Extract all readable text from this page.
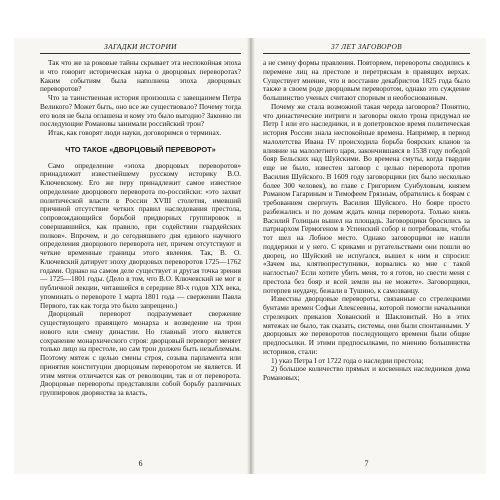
ЗАГАДКИ ИСТОРИИ

Так что же за роковые тайны скрывает эта неспокойная эпоха и что говорит историческая наука о дворцовых переворотах? Каким событиям была наполнена эпоха дворцовых переворотов?

Что за таинственная история произошла с завещанием Петра Великого? Может быть, оно все же существовало? Почему тогда его воля не была оглашена и кому это было выгодно? Законно ли последующие Романовы занимали российский трон?

Итак, как говорят люди науки, договоримся о терминах.

ЧТО ТАКОЕ «ДВОРЦОВЫЙ ПЕРЕВОРОТ»

Само определение «эпоха дворцовых переворотов» принадлежит известнейшему русскому историку В.О. Ключевскому. Его же перу принадлежит самое известное определение дворцового переворота по-российски: «это захват политической власти в России XVIII столетия, имевший причиной отсутствие четких правил наследования престола, сопровождающийся борьбой придворных группировок и совершавшийся, как правило, при содействии гвардейских полков». Впрочем, и до сегодняшнего дня единого научного определения дворцового переворота нет, причем отсутствуют и четкие временные границы этого явления. Так, В. О. Ключевский датирует эпоху дворцовых переворотов 1725—1762 годами. Однако на самом деле существует и другая точка зрения — 1725—1801 годы. (Дело в том, что В.О. Ключевский не мог в публичной лекции, читавшейся в середине 80-х годов XIX века, упоминать о перевороте 1 марта 1801 года — свержении Павла Первого, так как тогда это было запрещено.)

Дворцовый переворот подразумевает свержение существующего правящего монарха и возведение на трон нового или смену династии. Но главный этого является сохранение монархического строя: дворцовый переворот меняет только лицо на престоле, но сам трон должен быть незыблемым. Поэтому мятеж с целью смены строя, созыва парламента или принятия конституции дворцовым переворотом не является. И этим мятеж отличается как от революции, так и от переворота. Дворцовые перевороты представляли собой борьбу различных группировок дворянства за власть,

6
37 ЛЕТ ЗАГОВОРОВ

а не смену формы правления. Повторяем, перевороты сводились к перемене лиц на престоле и перетряскам в правящих верхах. Существует мнение, что и восстание декабристов 1825 года было также в своем роде дворцовым переворотом, однако это суждение большинство ученых считают спорным и необоснованным.

Почему же стала возможной такая череда заговоров? Понятно, что династические интриги и заговоры около трона придумал не Петр I или его наследники, и в допетровское время политическая история России знала неспокойные времена. Например, в период малолетства Ивана IV происходила борьба боярских кланов за влияние на малолетнего царя, закончившаяся в 1538 году победой бояр Бельских над Шуйскими. Во времена смуты, когда гвардии еще не было, известен заговор с целью переворота против Василия Шуйского. В 1609 году заговорщики (их было несколько более 300 человек), во главе с Григорием Сунбуловым, князем Романом Гагариным и Тимофеем Грязным, обратились к боярам с требованием свергнуть Василия Шуйского. Но бояре просто разбежались и по домам ждать конца переворота. Только князь Василий Голицын вышел на площадь. Заговорщики бросились за патриархом Гермогеном в Успенский собор и потребовали, чтобы тот шел на Лобное место. Однако заговорщики не нашли поддержки и у него. С криками и ругательствами они пошли во дворец, но Шуйский не испугался, вышел к ним и спросил: «Зачем вы, клятвопреступники, ворвались ко мне с такой наглостью? Если хотите убить меня, то я готов, но свести меня с престола без бояр и всей земли вы не можете». Заговорщики, потерпев неудачу, бежали в Тушино, к самозванцу.

Известны дворцовые перевороты, связанные со стрелецкими бунтами времен Софьи Алексеевны, которой помогли начальники стрелецких приказов Хованский и Шакловитый. Но в этих мятежах не было, так сказать, системы, они были спонтанными. У дворцовых же переворотов последующего времени были общие предпосылки. И этими предпосылками, по мнению большинства историков, стали:

1) указ Петра I от 1722 года о наследии престола;

2) большое количество прямых и косвенных наследников дома Романовых;

7
